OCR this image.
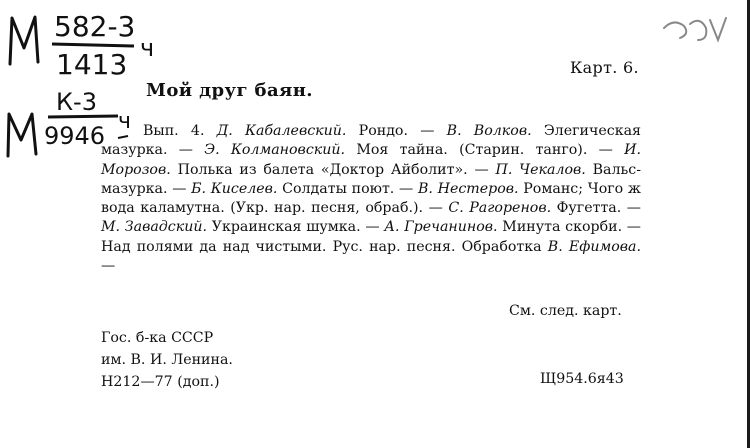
582-3
1413 ч
К-3
9946
ч
Карт. 6.
Мой друг баян.
Вып. 4. Д. Кабалевский. Рондо. — В. Волков. Элегическая мазурка. — Э. Колмановский. Моя тайна. (Старин. танго). — И. Морозов. Полька из балета «Доктор Айболит». — П. Чекалов. Вальс-мазурка. — Б. Киселев. Солдаты поют. — В. Нестеров. Романс; Чого ж вода каламутна. (Укр. нар. песня, обраб.). — С. Рагоренов. Фугетта. — М. Завадский. Украинская шумка. — А. Гречанинов. Минута скорби. — Над полями да над чистыми. Рус. нар. песня. Обработка В. Ефимова. —
См. след. карт.
Гос. б-ка СССР
им. В. И. Ленина.
Н212—77 (доп.)	Щ954.6я43
